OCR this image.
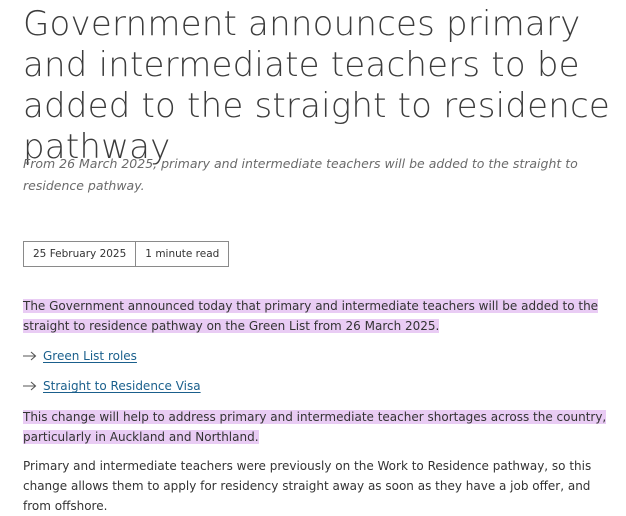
Government announces primary and intermediate teachers to be added to the straight to residence pathway

From 26 March 2025, primary and intermediate teachers will be added to the straight to residence pathway.

25 February 2025	1 minute read

The Government announced today that primary and intermediate teachers will be added to the straight to residence pathway on the Green List from 26 March 2025.

Green List roles
Straight to Residence Visa

This change will help to address primary and intermediate teacher shortages across the country, particularly in Auckland and Northland.

Primary and intermediate teachers were previously on the Work to Residence pathway, so this change allows them to apply for residency straight away as soon as they have a job offer, and from offshore.
